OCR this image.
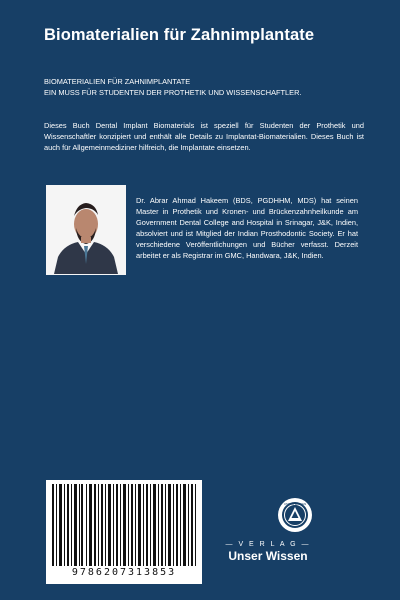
Biomaterialien für Zahnimplantate
BIOMATERIALIEN FÜR ZAHNIMPLANTATE
EIN MUSS FÜR STUDENTEN DER PROTHETIK UND WISSENSCHAFTLER.

Dieses Buch Dental Implant Biomaterials ist speziell für Studenten der Prothetik und Wissenschaftler konzipiert und enthält alle Details zu Implantat-Biomaterialien. Dieses Buch ist auch für Allgemeinmediziner hilfreich, die Implantate einsetzen.

Dr. Abrar Ahmad Hakeem (BDS, PGDHHM, MDS) hat seinen Master in Prothetik und Kronen- und Brückenzahnheilkunde am Government Dental College and Hospital in Srinagar, J&K, Indien, absolviert und ist Mitglied der Indian Prosthodontic Society. Er hat verschiedene Veröffentlichungen und Bücher verfasst. Derzeit arbeitet er als Registrar im GMC, Handwara, J&K, Indien.

9786207313853
UNSER WISSEN
— V E R L A G —
Unser Wissen
